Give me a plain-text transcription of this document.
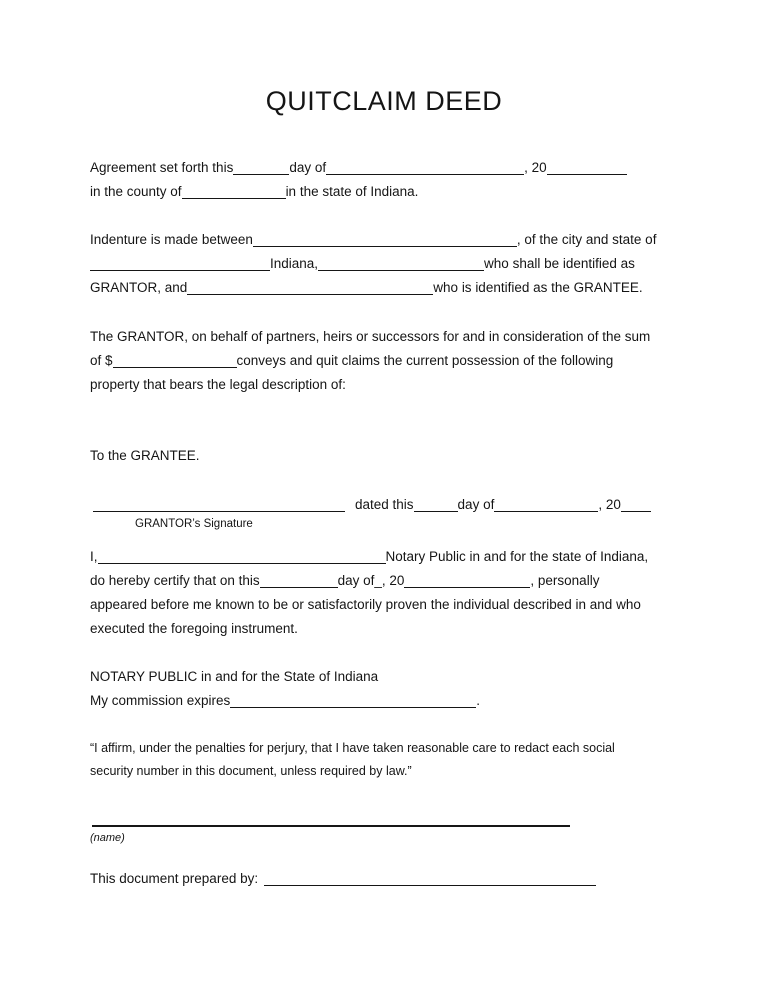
QUITCLAIM DEED
Agreement set forth this	day of	, 20
in the county of	in the state of Indiana.
Indenture is made between	, of the city and state of
Indiana,	who shall be identified as
GRANTOR, and	who is identified as the GRANTEE.
The GRANTOR, on behalf of partners, heirs or successors for and in consideration of the sum
of $	conveys and quit claims the current possession of the following
property that bears the legal description of:
To the GRANTEE.
dated this	day of	, 20
GRANTOR’s Signature
I,	Notary Public in and for the state of Indiana,
do hereby certify that on this	day of_, 20	, personally
appeared before me known to be or satisfactorily proven the individual described in and who
executed the foregoing instrument.
NOTARY PUBLIC in and for the State of Indiana
My commission expires	.
“I affirm, under the penalties for perjury, that I have taken reasonable care to redact each social
security number in this document, unless required by law.”
(name)
This document prepared by:
